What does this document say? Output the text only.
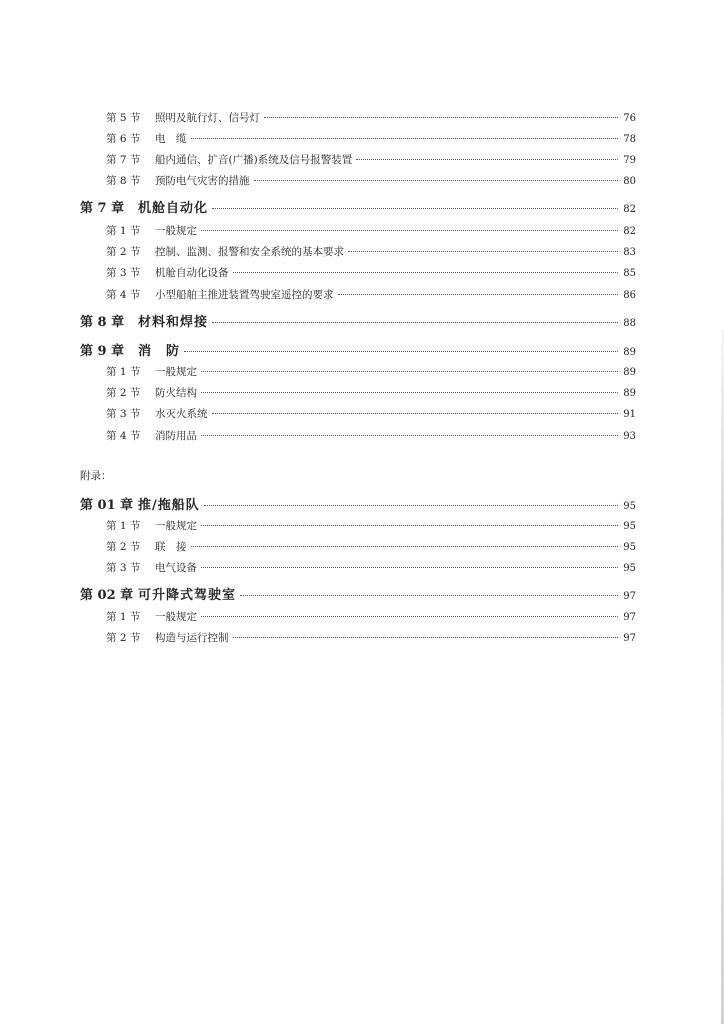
第 5 节	照明及航行灯、信号灯	76
第 6 节	电　缆	78
第 7 节	船内通信、扩音(广播)系统及信号报警装置	79
第 8 节	预防电气灾害的措施	80
第 7 章	机舱自动化	82
第 1 节	一般规定	82
第 2 节	控制、监测、报警和安全系统的基本要求	83
第 3 节	机舱自动化设备	85
第 4 节	小型船舶主推进装置驾驶室遥控的要求	86
第 8 章	材料和焊接	88
第 9 章	消　防	89
第 1 节	一般规定	89
第 2 节	防火结构	89
第 3 节	水灭火系统	91
第 4 节	消防用品	93
附录：
第 01 章 推/拖船队	95
第 1 节	一般规定	95
第 2 节	联　接	95
第 3 节	电气设备	95
第 02 章 可升降式驾驶室	97
第 1 节	一般规定	97
第 2 节	构造与运行控制	97
